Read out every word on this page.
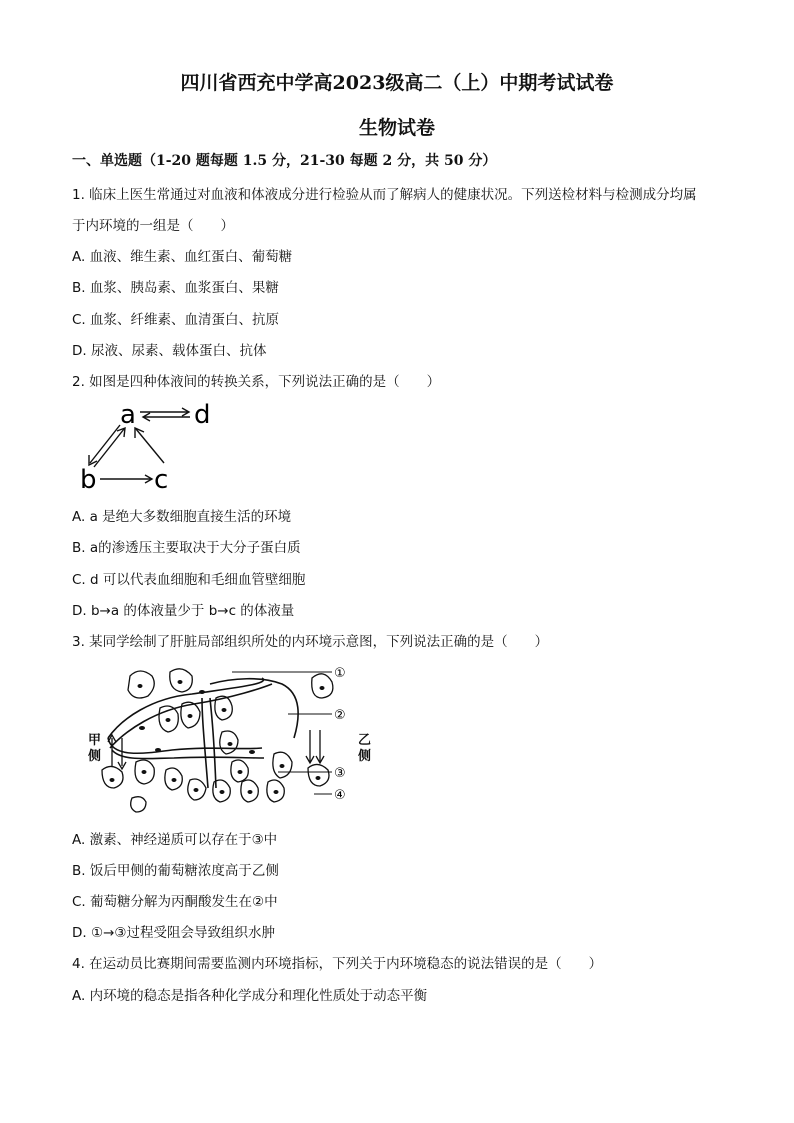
四川省西充中学高2023级高二（上）中期考试试卷
生物试卷
一、单选题（1-20 题每题 1.5 分，21-30 每题 2 分，共 50 分）
1. 临床上医生常通过对血液和体液成分进行检验从而了解病人的健康状况。下列送检材料与检测成分均属
于内环境的一组是（　　）
A. 血液、维生素、血红蛋白、葡萄糖
B. 血浆、胰岛素、血浆蛋白、果糖
C. 血浆、纤维素、血清蛋白、抗原
D. 尿液、尿素、载体蛋白、抗体
2. 如图是四种体液间的转换关系，下列说法正确的是（　　）
a d
b c
A. a 是绝大多数细胞直接生活的环境
B. a的渗透压主要取决于大分子蛋白质
C. d 可以代表血细胞和毛细血管壁细胞
D. b→a 的体液量少于 b→c 的体液量
3. 某同学绘制了肝脏局部组织所处的内环境示意图，下列说法正确的是（　　）
①
②
③
④
甲侧
乙侧
A. 激素、神经递质可以存在于③中
B. 饭后甲侧的葡萄糖浓度高于乙侧
C. 葡萄糖分解为丙酮酸发生在②中
D. ①→③过程受阻会导致组织水肿
4. 在运动员比赛期间需要监测内环境指标，下列关于内环境稳态的说法错误的是（　　）
A. 内环境的稳态是指各种化学成分和理化性质处于动态平衡
